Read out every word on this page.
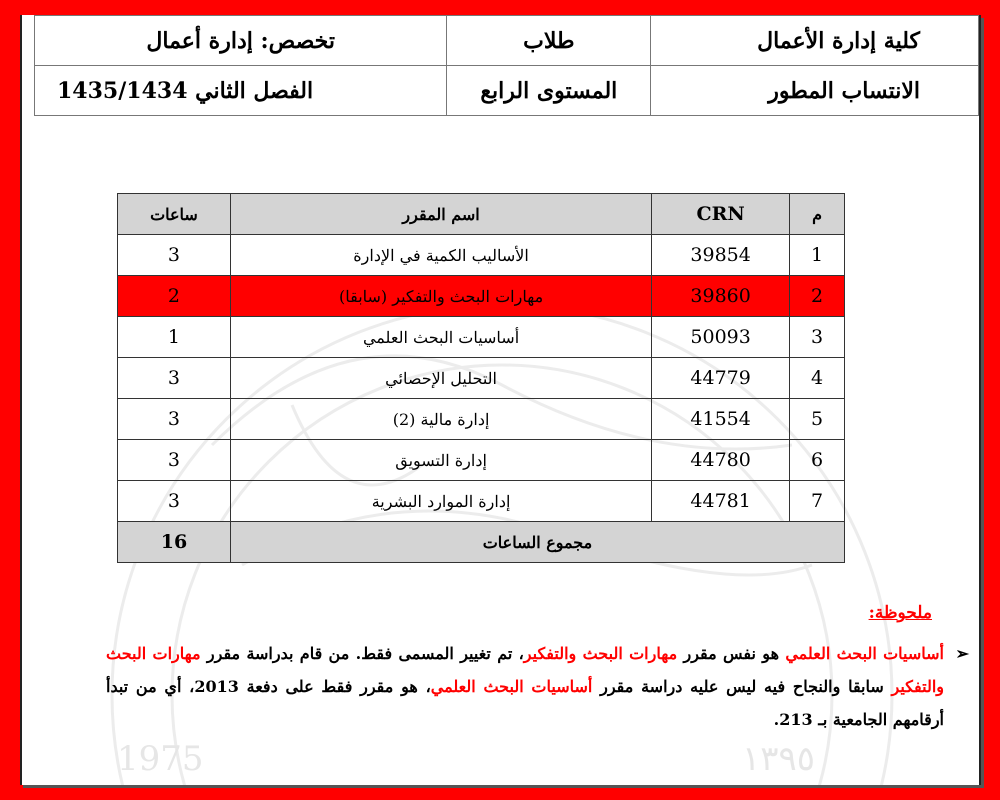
1975	١٣٩٥
كلية إدارة الأعمال	طلاب	تخصص: إدارة أعمال
الانتساب المطور	المستوى الرابع	الفصل الثاني 1435/1434
م	CRN	اسم المقرر	ساعات
1	39854	الأساليب الكمية في الإدارة	3
2	39860	مهارات البحث والتفكير (سابقا)	2
3	50093	أساسيات البحث العلمي	1
4	44779	التحليل الإحصائي	3
5	41554	إدارة مالية (2)	3
6	44780	إدارة التسويق	3
7	44781	إدارة الموارد البشرية	3
مجموع الساعات			16
ملحوظة:
➢
أساسيات البحث العلمي هو نفس مقرر مهارات البحث والتفكير، تم تغيير المسمى فقط. من قام بدراسة مقرر مهارات البحث والتفكير سابقا والنجاح فيه ليس عليه دراسة مقرر أساسيات البحث العلمي، هو مقرر فقط على دفعة 2013، أي من تبدأ أرقامهم الجامعية بـ 213.
